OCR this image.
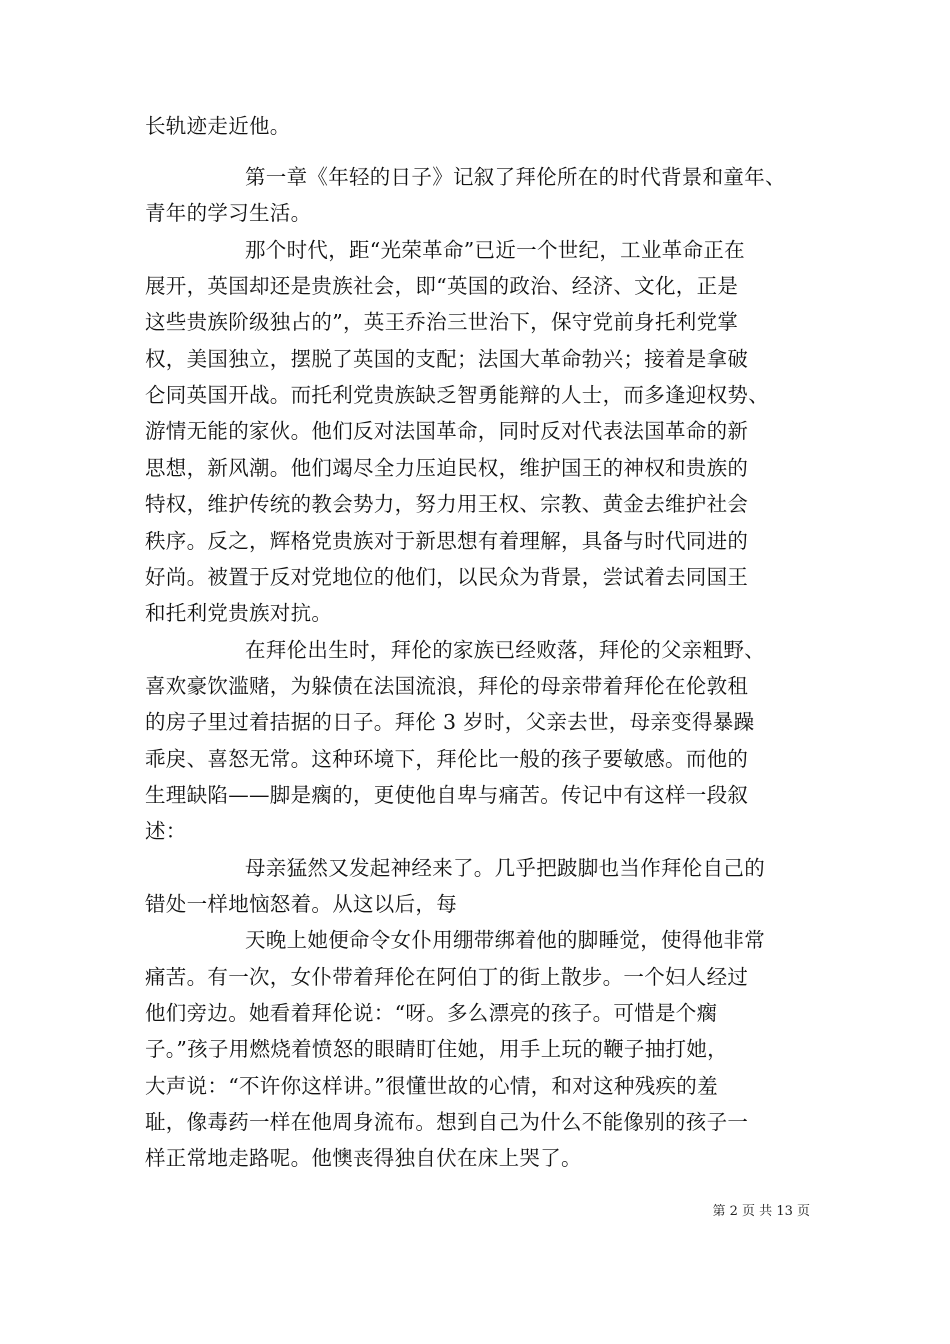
长轨迹走近他。
第一章《年轻的日子》记叙了拜伦所在的时代背景和童年、
青年的学习生活。
那个时代，距“光荣革命”已近一个世纪，工业革命正在
展开，英国却还是贵族社会，即“英国的政治、经济、文化，正是
这些贵族阶级独占的”，英王乔治三世治下，保守党前身托利党掌
权，美国独立，摆脱了英国的支配；法国大革命勃兴；接着是拿破
仑同英国开战。而托利党贵族缺乏智勇能辩的人士，而多逢迎权势、
游情无能的家伙。他们反对法国革命，同时反对代表法国革命的新
思想，新风潮。他们竭尽全力压迫民权，维护国王的神权和贵族的
特权，维护传统的教会势力，努力用王权、宗教、黄金去维护社会
秩序。反之，辉格党贵族对于新思想有着理解，具备与时代同进的
好尚。被置于反对党地位的他们，以民众为背景，尝试着去同国王
和托利党贵族对抗。
在拜伦出生时，拜伦的家族已经败落，拜伦的父亲粗野、
喜欢豪饮滥赌，为躲债在法国流浪，拜伦的母亲带着拜伦在伦敦租
的房子里过着拮据的日子。拜伦 3 岁时，父亲去世，母亲变得暴躁
乖戾、喜怒无常。这种环境下，拜伦比一般的孩子要敏感。而他的
生理缺陷——脚是瘸的，更使他自卑与痛苦。传记中有这样一段叙
述：
母亲猛然又发起神经来了。几乎把跛脚也当作拜伦自己的
错处一样地恼怒着。从这以后，每
天晚上她便命令女仆用绷带绑着他的脚睡觉，使得他非常
痛苦。有一次，女仆带着拜伦在阿伯丁的街上散步。一个妇人经过
他们旁边。她看着拜伦说：“呀。多么漂亮的孩子。可惜是个瘸
子。”孩子用燃烧着愤怒的眼睛盯住她，用手上玩的鞭子抽打她，
大声说：“不许你这样讲。”很懂世故的心情，和对这种残疾的羞
耻，像毒药一样在他周身流布。想到自己为什么不能像别的孩子一
样正常地走路呢。他懊丧得独自伏在床上哭了。
第 2 页 共 13 页
